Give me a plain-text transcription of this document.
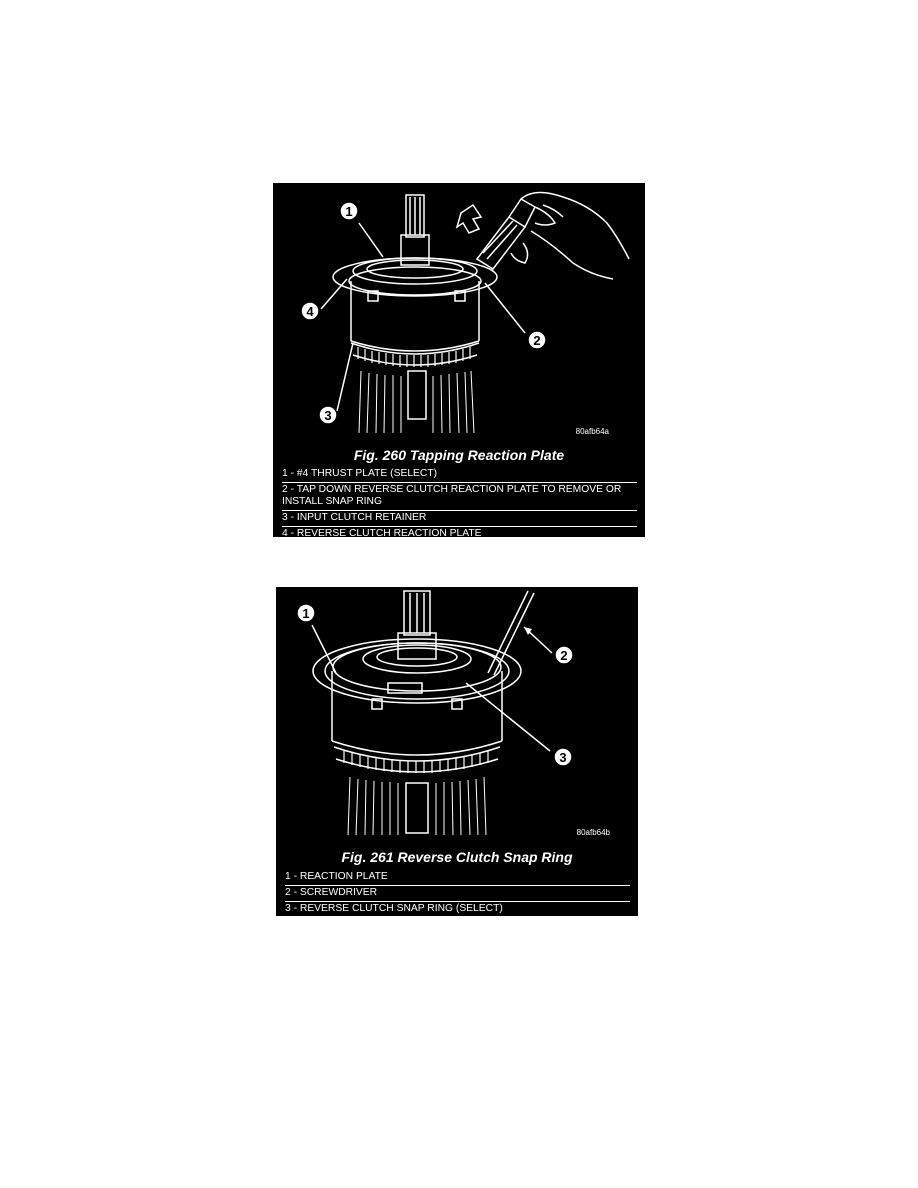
1
4
2
3
80afb64a
Fig. 260 Tapping Reaction Plate
1 - #4 THRUST PLATE (SELECT)
2 - TAP DOWN REVERSE CLUTCH REACTION PLATE TO REMOVE OR INSTALL SNAP RING
3 - INPUT CLUTCH RETAINER
4 - REVERSE CLUTCH REACTION PLATE
1
2
3
80afb64b
Fig. 261 Reverse Clutch Snap Ring
1 - REACTION PLATE
2 - SCREWDRIVER
3 - REVERSE CLUTCH SNAP RING (SELECT)
